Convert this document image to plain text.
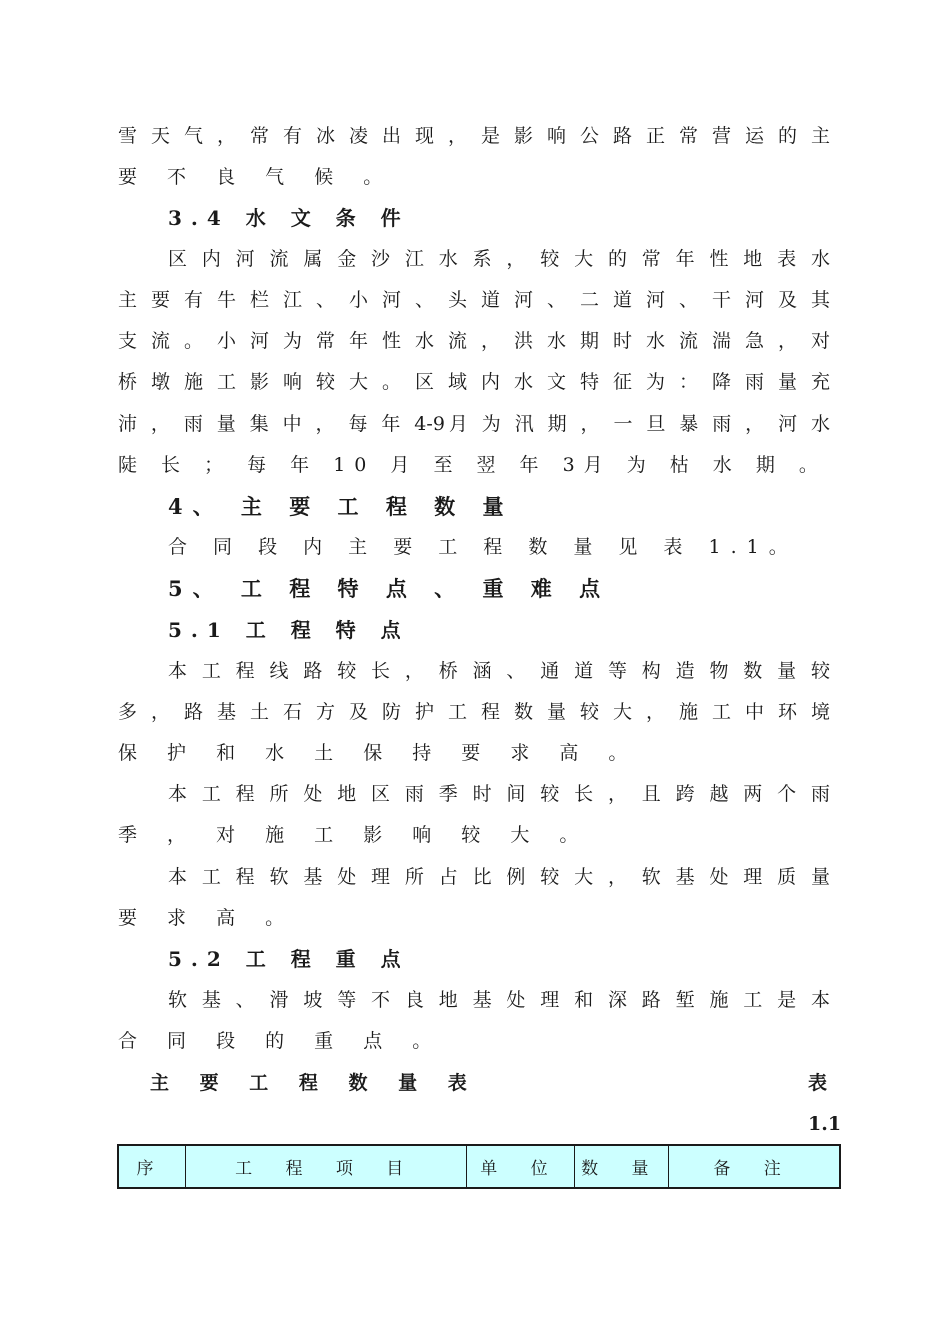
雪 天 气 ， 常 有 冰 凌 出 现 ， 是 影 响 公 路 正 常 营 运 的 主
要 不 良 气 候 。
3.4 水 文 条 件
区 内 河 流 属 金 沙 江 水 系 ， 较 大 的 常 年 性 地 表 水
主 要 有 牛 栏 江 、 小 河 、 头 道 河 、 二 道 河 、 干 河 及 其
支 流 。 小 河 为 常 年 性 水 流 ， 洪 水 期 时 水 流 湍 急 ， 对
桥 墩 施 工 影 响 较 大 。 区 域 内 水 文 特 征 为 ： 降 雨 量 充
沛 ， 雨 量 集 中 ， 每 年 4-9月 为 汛 期 ， 一 旦 暴 雨 ， 河 水
陡 长 ； 每 年 10 月 至 翌 年 3月 为 枯 水 期 。
4、 主 要 工 程 数 量
合 同 段 内 主 要 工 程 数 量 见 表 1.1。
5、 工 程 特 点 、 重 难 点
5.1 工 程 特 点
本 工 程 线 路 较 长 ， 桥 涵 、 通 道 等 构 造 物 数 量 较
多 ， 路 基 土 石 方 及 防 护 工 程 数 量 较 大 ， 施 工 中 环 境
保 护 和 水 土 保 持 要 求 高 。
本 工 程 所 处 地 区 雨 季 时 间 较 长 ， 且 跨 越 两 个 雨
季 ， 对 施 工 影 响 较 大 。
本 工 程 软 基 处 理 所 占 比 例 较 大 ， 软 基 处 理 质 量
要 求 高 。
5.2 工 程 重 点
软 基 、 滑 坡 等 不 良 地 基 处 理 和 深 路 堑 施 工 是 本
合 同 段 的 重 点 。
主 要 工 程 数 量 表	表
1.1
序	工 程 项 目	单 位	数 量	备 注
